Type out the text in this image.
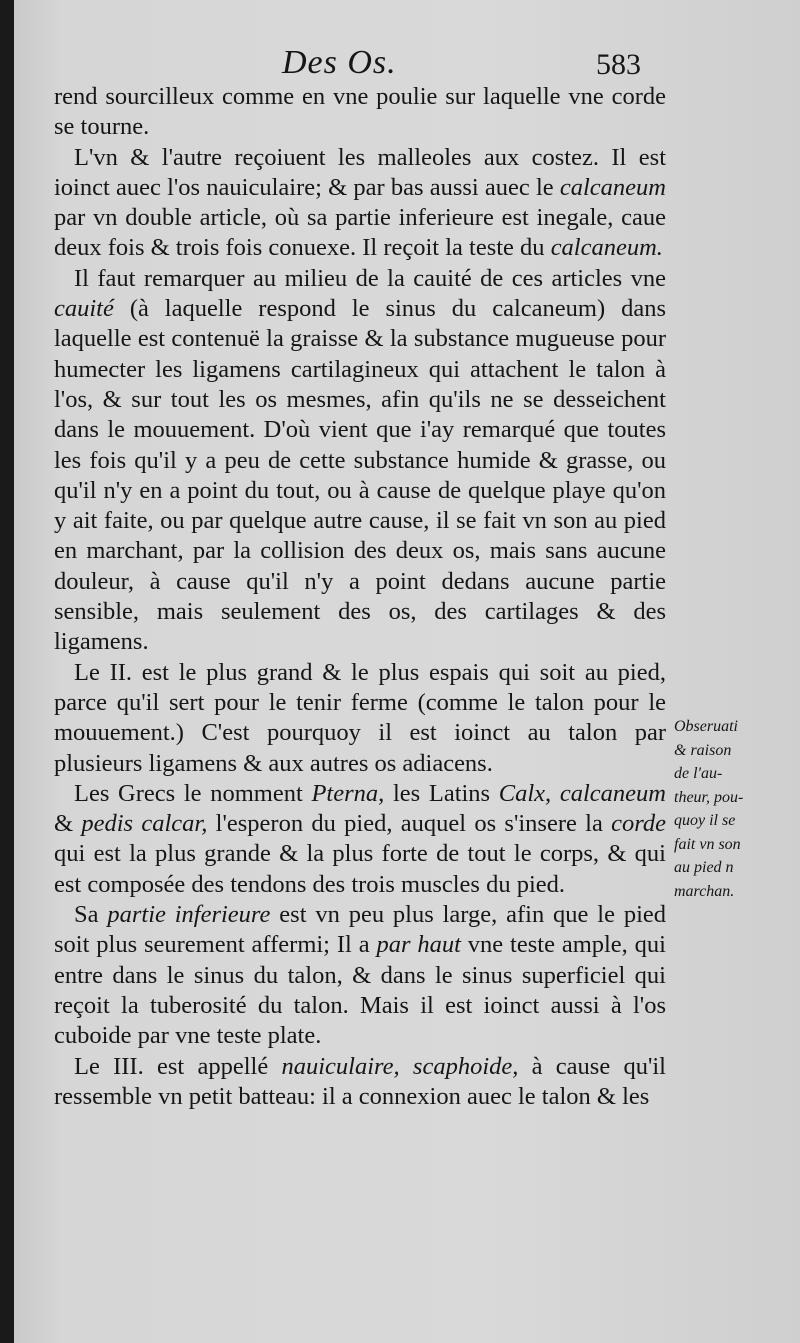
Des Os.	583

rend sourcilleux comme en vne poulie sur laquelle vne corde se tourne.

L'vn & l'autre reçoiuent les malleoles aux costez. Il est ioinct auec l'os nauiculaire; & par bas aussi auec le calcaneum par vn double article, où sa partie inferieure est inegale, caue deux fois & trois fois conuexe. Il reçoit la teste du calcaneum.

Il faut remarquer au milieu de la cauité de ces articles vne cauité (à laquelle respond le sinus du calcaneum) dans laquelle est contenuë la graisse & la substance mugueuse pour humecter les ligamens cartilagineux qui attachent le talon à l'os, & sur tout les os mesmes, afin qu'ils ne se desseichent dans le mouuement. D'où vient que i'ay remarqué que toutes les fois qu'il y a peu de cette substance humide & grasse, ou qu'il n'y en a point du tout, ou à cause de quelque playe qu'on y ait faite, ou par quelque autre cause, il se fait vn son au pied en marchant, par la collision des deux os, mais sans aucune douleur, à cause qu'il n'y a point dedans aucune partie sensible, mais seulement des os, des cartilages & des ligamens.

Le II. est le plus grand & le plus espais qui soit au pied, parce qu'il sert pour le tenir ferme (comme le talon pour le mouuement.) C'est pourquoy il est ioinct au talon par plusieurs ligamens & aux autres os adiacens.

Les Grecs le nomment Pterna, les Latins Calx, calcaneum & pedis calcar, l'esperon du pied, auquel os s'insere la corde qui est la plus grande & la plus forte de tout le corps, & qui est composée des tendons des trois muscles du pied.

Sa partie inferieure est vn peu plus large, afin que le pied soit plus seurement affermi; Il a par haut vne teste ample, qui entre dans le sinus du talon, & dans le sinus superficiel qui reçoit la tuberosité du talon. Mais il est ioinct aussi à l'os cuboide par vne teste plate.

Le III. est appellé nauiculaire, scaphoide, à cause qu'il ressemble vn petit batteau: il a connexion auec le talon & les

Obseruati
& raison
de l'au-
theur, pou-
quoy il se
fait vn son
au pied n
marchan.
